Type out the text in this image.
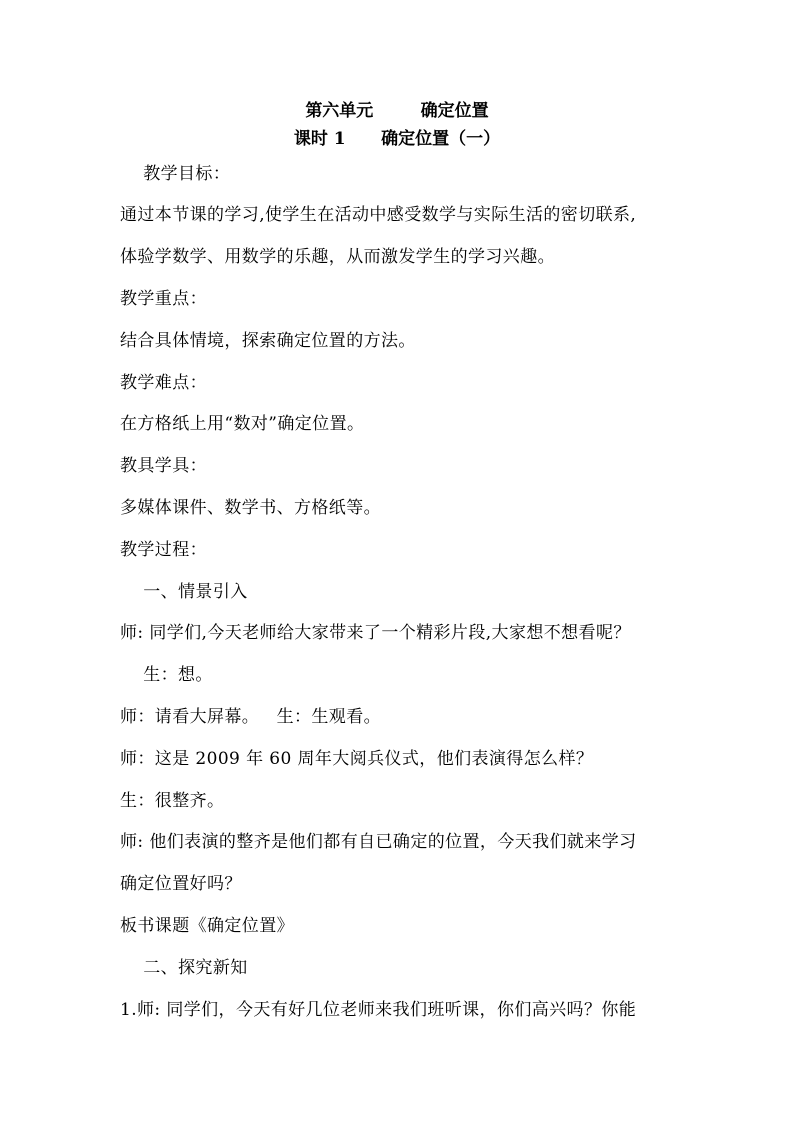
第六单元        确定位置
课时 1      确定位置（一）
教学目标：
通过本节课的学习,使学生在活动中感受数学与实际生活的密切联系,
体验学数学、用数学的乐趣，从而激发学生的学习兴趣。
教学重点：
结合具体情境，探索确定位置的方法。
教学难点：
在方格纸上用“数对”确定位置。
教具学具：
多媒体课件、数学书、方格纸等。
教学过程：
一、情景引入
师: 同学们,今天老师给大家带来了一个精彩片段,大家想不想看呢？
生：想。
师：请看大屏幕。   生：生观看。
师：这是 2009 年 60 周年大阅兵仪式，他们表演得怎么样？
生：很整齐。
师: 他们表演的整齐是他们都有自已确定的位置，今天我们就来学习
确定位置好吗？
板书课题《确定位置》
二、探究新知
1.师: 同学们，今天有好几位老师来我们班听课，你们高兴吗？你能
